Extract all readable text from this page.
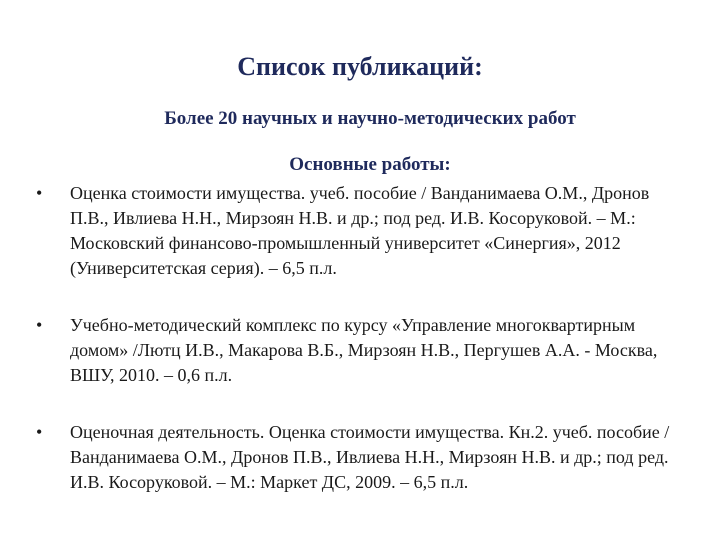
Список публикаций:
Более 20 научных и научно-методических работ
Основные работы:
• Оценка стоимости имущества. учеб. пособие / Ванданимаева О.М., Дронов П.В., Ивлиева Н.Н., Мирзоян Н.В. и др.; под ред. И.В. Косоруковой. – М.: Московский финансово-промышленный университет «Синергия», 2012 (Университетская серия). – 6,5 п.л.
• Учебно-методический комплекс по курсу «Управление многоквартирным домом» /Лютц И.В., Макарова В.Б., Мирзоян Н.В., Пергушев А.А. - Москва, ВШУ, 2010. – 0,6 п.л.
• Оценочная деятельность. Оценка стоимости имущества. Кн.2. учеб. пособие / Ванданимаева О.М., Дронов П.В., Ивлиева Н.Н., Мирзоян Н.В. и др.; под ред. И.В. Косоруковой. – М.: Маркет ДС, 2009. – 6,5 п.л.
